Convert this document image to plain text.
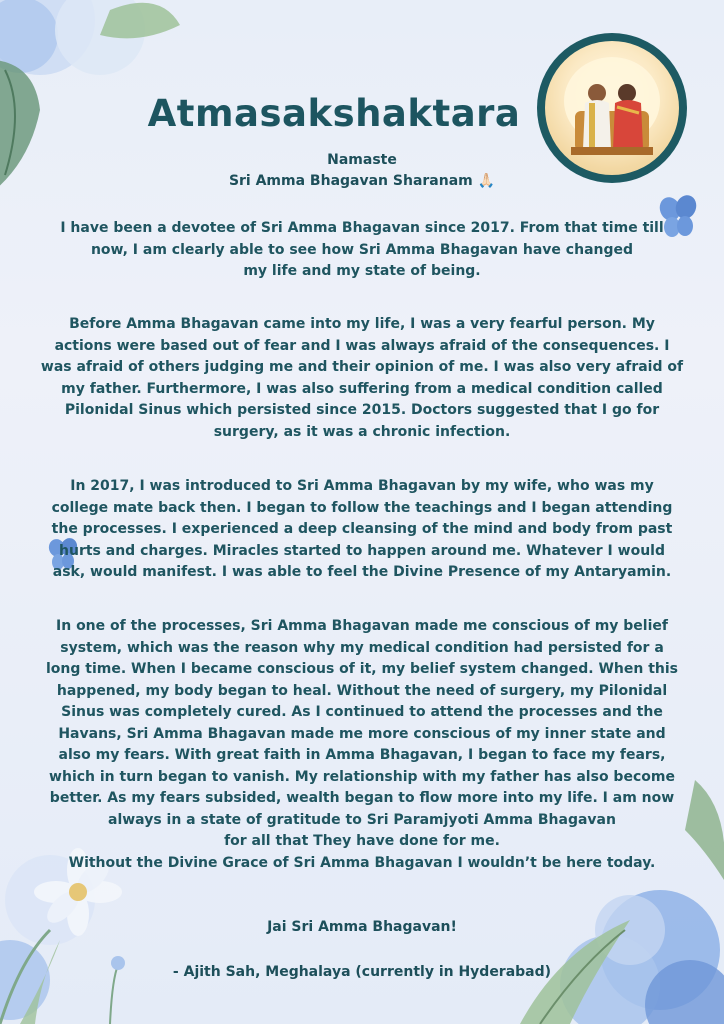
Atmasakshaktara
Namaste
Sri Amma Bhagavan Sharanam 🙏🏻
I have been a devotee of Sri Amma Bhagavan since 2017. From that time till
now, I am clearly able to see how Sri Amma Bhagavan have changed
my life and my state of being.
Before Amma Bhagavan came into my life, I was a very fearful person. My
actions were based out of fear and I was always afraid of the consequences. I
was afraid of others judging me and their opinion of me. I was also very afraid of
my father. Furthermore, I was also suffering from a medical condition called
Pilonidal Sinus which persisted since 2015. Doctors suggested that I go for
surgery, as it was a chronic infection.
In 2017, I was introduced to Sri Amma Bhagavan by my wife, who was my
college mate back then. I began to follow the teachings and I began attending
the processes. I experienced a deep cleansing of the mind and body from past
hurts and charges. Miracles started to happen around me. Whatever I would
ask, would manifest. I was able to feel the Divine Presence of my Antaryamin.
In one of the processes, Sri Amma Bhagavan made me conscious of my belief
system, which was the reason why my medical condition had persisted for a
long time. When I became conscious of it, my belief system changed. When this
happened, my body began to heal. Without the need of surgery, my Pilonidal
Sinus was completely cured. As I continued to attend the processes and the
Havans, Sri Amma Bhagavan made me more conscious of my inner state and
also my fears. With great faith in Amma Bhagavan, I began to face my fears,
which in turn began to vanish. My relationship with my father has also become
better. As my fears subsided, wealth began to flow more into my life. I am now
always in a state of gratitude to Sri Paramjyoti Amma Bhagavan
for all that They have done for me.
Without the Divine Grace of Sri Amma Bhagavan I wouldn’t be here today.
Jai Sri Amma Bhagavan!
- Ajith Sah, Meghalaya (currently in Hyderabad)
